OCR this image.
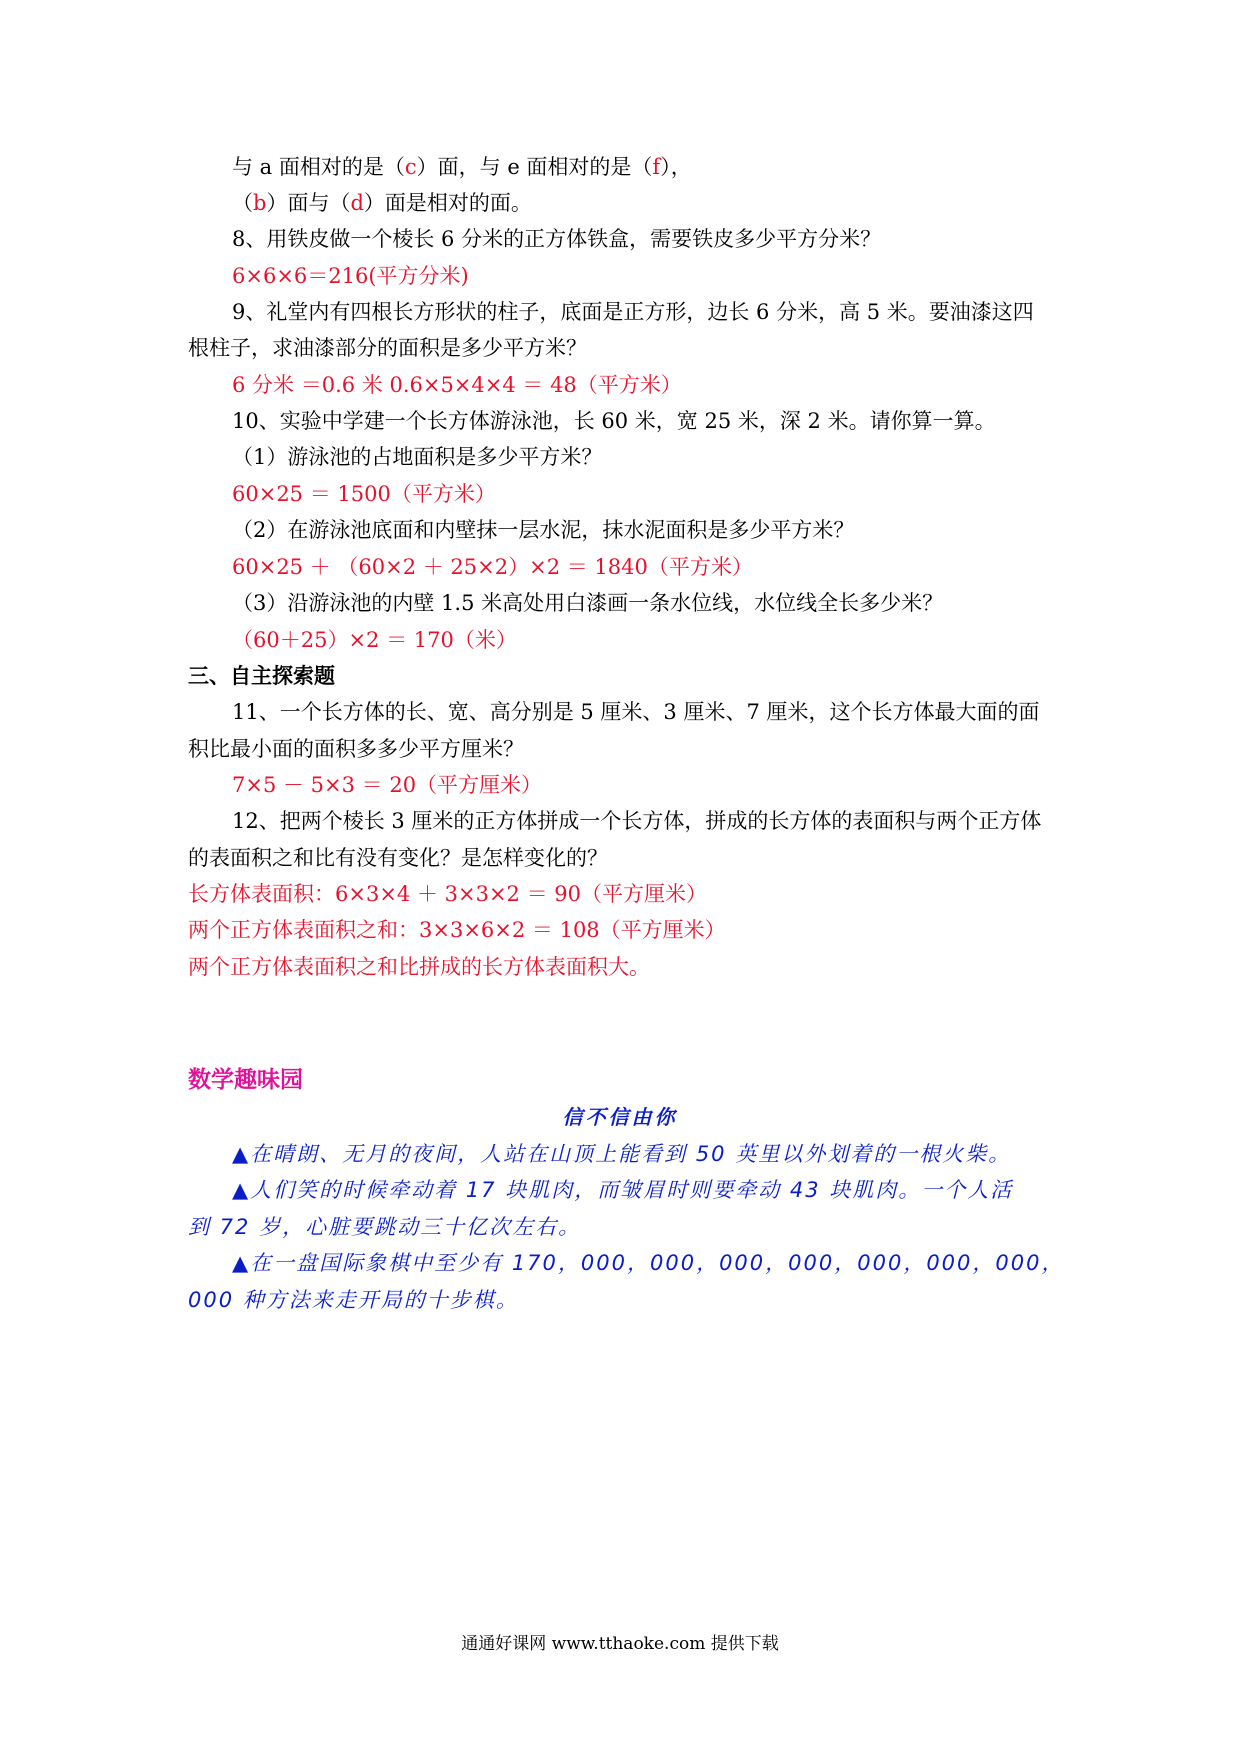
与 a 面相对的是（c）面，与 e 面相对的是（f），
（b）面与（d）面是相对的面。
8、用铁皮做一个棱长 6 分米的正方体铁盒，需要铁皮多少平方分米？
6×6×6＝216(平方分米)
9、礼堂内有四根长方形状的柱子，底面是正方形，边长 6 分米，高 5 米。要油漆这四
根柱子，求油漆部分的面积是多少平方米？
6 分米 ＝0.6 米 0.6×5×4×4 ＝ 48（平方米）
10、实验中学建一个长方体游泳池，长 60 米，宽 25 米，深 2 米。请你算一算。
（1）游泳池的占地面积是多少平方米？
60×25 ＝ 1500（平方米）
（2）在游泳池底面和内壁抹一层水泥，抹水泥面积是多少平方米？
60×25 ＋ （60×2 ＋ 25×2）×2 ＝ 1840（平方米）
（3）沿游泳池的内壁 1.5 米高处用白漆画一条水位线，水位线全长多少米？
（60＋25）×2 ＝ 170（米）
三、自主探索题
11、一个长方体的长、宽、高分别是 5 厘米、3 厘米、7 厘米，这个长方体最大面的面
积比最小面的面积多多少平方厘米？
7×5 － 5×3 ＝ 20（平方厘米）
12、把两个棱长 3 厘米的正方体拼成一个长方体，拼成的长方体的表面积与两个正方体
的表面积之和比有没有变化？是怎样变化的？
长方体表面积：6×3×4 ＋ 3×3×2 ＝ 90（平方厘米）
两个正方体表面积之和：3×3×6×2 ＝ 108（平方厘米）
两个正方体表面积之和比拼成的长方体表面积大。
数学趣味园
信不信由你
▲在晴朗、无月的夜间，人站在山顶上能看到 50 英里以外划着的一根火柴。
▲人们笑的时候牵动着 17 块肌肉，而皱眉时则要牵动 43 块肌肉。一个人活
到 72 岁，心脏要跳动三十亿次左右。
▲在一盘国际象棋中至少有 170，000，000，000，000，000，000，000，
000 种方法来走开局的十步棋。
通通好课网 www.tthaoke.com 提供下载
